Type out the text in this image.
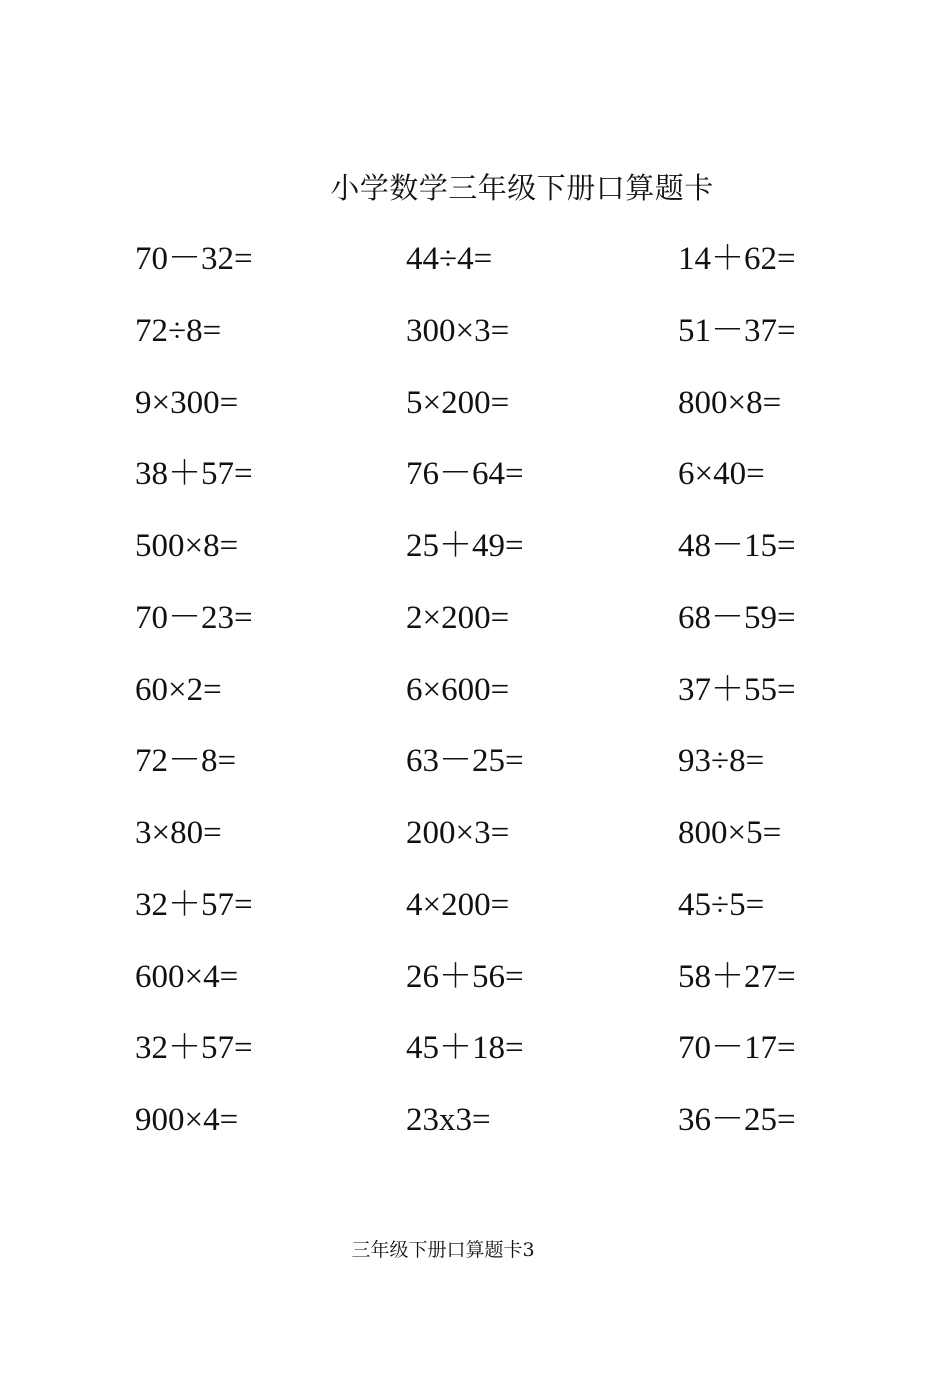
小学数学三年级下册口算题卡
70－32=	44÷4=	14＋62=
72÷8=	300×3=	51－37=
9×300=	5×200=	800×8=
38＋57=	76－64=	6×40=
500×8=	25＋49=	48－15=
70－23=	2×200=	68－59=
60×2=	6×600=	37＋55=
72－8=	63－25=	93÷8=
3×80=	200×3=	800×5=
32＋57=	4×200=	45÷5=
600×4=	26＋56=	58＋27=
32＋57=	45＋18=	70－17=
900×4=	23x3=	36－25=
三年级下册口算题卡3
